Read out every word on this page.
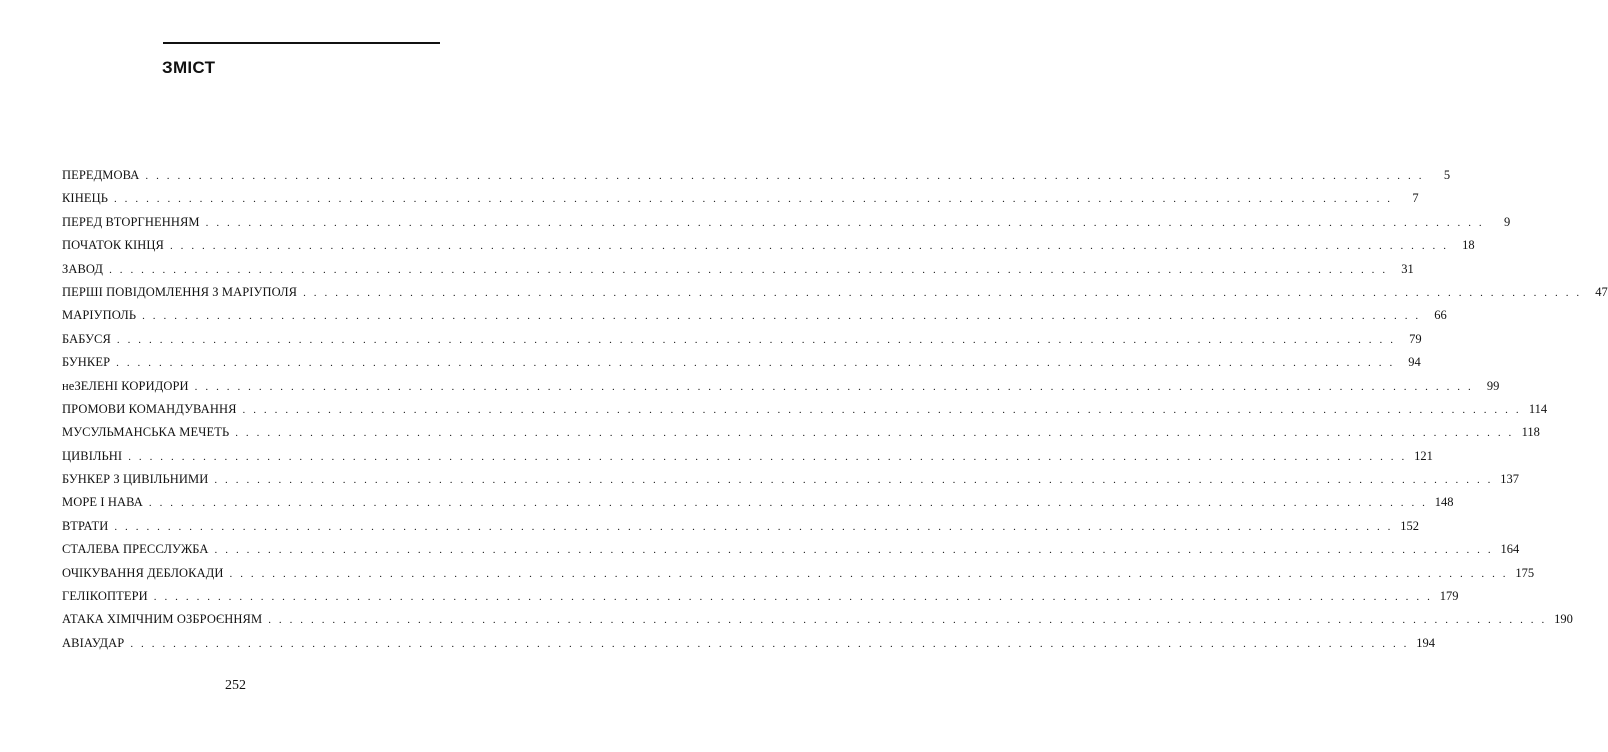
ЗМІСТ
ПЕРЕДМОВА . . . . . . . . . . . . . . . . . . . . . . . . . . . . . . . . . . . . . . . . . . . . . . . . . . . . . . . . . . . . . . . . . . . . . . . . . . . . . . . . . . . . . . . . . . . . . . . . . . . . . . . . . . . . . . . . . . . . . . . .	5
КІНЕЦЬ . . . . . . . . . . . . . . . . . . . . . . . . . . . . . . . . . . . . . . . . . . . . . . . . . . . . . . . . . . . . . . . . . . . . . . . . . . . . . . . . . . . . . . . . . . . . . . . . . . . . . . . . . . . . . . . . . . . . . . . .	7
ПЕРЕД ВТОРГНЕННЯМ . . . . . . . . . . . . . . . . . . . . . . . . . . . . . . . . . . . . . . . . . . . . . . . . . . . . . . . . . . . . . . . . . . . . . . . . . . . . . . . . . . . . . . . . . . . . . . . . . . . . . . . . . . . . . . . . . . . . . . . .	9
ПОЧАТОК КІНЦЯ . . . . . . . . . . . . . . . . . . . . . . . . . . . . . . . . . . . . . . . . . . . . . . . . . . . . . . . . . . . . . . . . . . . . . . . . . . . . . . . . . . . . . . . . . . . . . . . . . . . . . . . . . . . . . . . . . . . . . . . .	18
ЗАВОД . . . . . . . . . . . . . . . . . . . . . . . . . . . . . . . . . . . . . . . . . . . . . . . . . . . . . . . . . . . . . . . . . . . . . . . . . . . . . . . . . . . . . . . . . . . . . . . . . . . . . . . . . . . . . . . . . . . . . . . .	31
ПЕРШІ ПОВІДОМЛЕННЯ З МАРІУПОЛЯ . . . . . . . . . . . . . . . . . . . . . . . . . . . . . . . . . . . . . . . . . . . . . . . . . . . . . . . . . . . . . . . . . . . . . . . . . . . . . . . . . . . . . . . . . . . . . . . . . . . . . . . . . . . . . . . . . . . . . . . .	47
МАРІУПОЛЬ . . . . . . . . . . . . . . . . . . . . . . . . . . . . . . . . . . . . . . . . . . . . . . . . . . . . . . . . . . . . . . . . . . . . . . . . . . . . . . . . . . . . . . . . . . . . . . . . . . . . . . . . . . . . . . . . . . . . . . . .	66
БАБУСЯ . . . . . . . . . . . . . . . . . . . . . . . . . . . . . . . . . . . . . . . . . . . . . . . . . . . . . . . . . . . . . . . . . . . . . . . . . . . . . . . . . . . . . . . . . . . . . . . . . . . . . . . . . . . . . . . . . . . . . . . .	79
БУНКЕР . . . . . . . . . . . . . . . . . . . . . . . . . . . . . . . . . . . . . . . . . . . . . . . . . . . . . . . . . . . . . . . . . . . . . . . . . . . . . . . . . . . . . . . . . . . . . . . . . . . . . . . . . . . . . . . . . . . . . . . .	94
неЗЕЛЕНІ КОРИДОРИ . . . . . . . . . . . . . . . . . . . . . . . . . . . . . . . . . . . . . . . . . . . . . . . . . . . . . . . . . . . . . . . . . . . . . . . . . . . . . . . . . . . . . . . . . . . . . . . . . . . . . . . . . . . . . . . . . . . . . . . .	99
ПРОМОВИ КОМАНДУВАННЯ . . . . . . . . . . . . . . . . . . . . . . . . . . . . . . . . . . . . . . . . . . . . . . . . . . . . . . . . . . . . . . . . . . . . . . . . . . . . . . . . . . . . . . . . . . . . . . . . . . . . . . . . . . . . . . . . . . . . . . . . 114
МУСУЛЬМАНСЬКА МЕЧЕТЬ . . . . . . . . . . . . . . . . . . . . . . . . . . . . . . . . . . . . . . . . . . . . . . . . . . . . . . . . . . . . . . . . . . . . . . . . . . . . . . . . . . . . . . . . . . . . . . . . . . . . . . . . . . . . . . . . . . . . . . . . 118
ЦИВІЛЬНІ . . . . . . . . . . . . . . . . . . . . . . . . . . . . . . . . . . . . . . . . . . . . . . . . . . . . . . . . . . . . . . . . . . . . . . . . . . . . . . . . . . . . . . . . . . . . . . . . . . . . . . . . . . . . . . . . . . . . . . . . 121
БУНКЕР З ЦИВІЛЬНИМИ . . . . . . . . . . . . . . . . . . . . . . . . . . . . . . . . . . . . . . . . . . . . . . . . . . . . . . . . . . . . . . . . . . . . . . . . . . . . . . . . . . . . . . . . . . . . . . . . . . . . . . . . . . . . . . . . . . . . . . . . 137
МОРЕ І НАВА . . . . . . . . . . . . . . . . . . . . . . . . . . . . . . . . . . . . . . . . . . . . . . . . . . . . . . . . . . . . . . . . . . . . . . . . . . . . . . . . . . . . . . . . . . . . . . . . . . . . . . . . . . . . . . . . . . . . . . . . 148
ВТРАТИ . . . . . . . . . . . . . . . . . . . . . . . . . . . . . . . . . . . . . . . . . . . . . . . . . . . . . . . . . . . . . . . . . . . . . . . . . . . . . . . . . . . . . . . . . . . . . . . . . . . . . . . . . . . . . . . . . . . . . . . . 152
СТАЛЕВА ПРЕССЛУЖБА . . . . . . . . . . . . . . . . . . . . . . . . . . . . . . . . . . . . . . . . . . . . . . . . . . . . . . . . . . . . . . . . . . . . . . . . . . . . . . . . . . . . . . . . . . . . . . . . . . . . . . . . . . . . . . . . . . . . . . . . 164
ОЧІКУВАННЯ ДЕБЛОКАДИ . . . . . . . . . . . . . . . . . . . . . . . . . . . . . . . . . . . . . . . . . . . . . . . . . . . . . . . . . . . . . . . . . . . . . . . . . . . . . . . . . . . . . . . . . . . . . . . . . . . . . . . . . . . . . . . . . . . . . . . . 175
ГЕЛІКОПТЕРИ . . . . . . . . . . . . . . . . . . . . . . . . . . . . . . . . . . . . . . . . . . . . . . . . . . . . . . . . . . . . . . . . . . . . . . . . . . . . . . . . . . . . . . . . . . . . . . . . . . . . . . . . . . . . . . . . . . . . . . . . 179
АТАКА ХІМІЧНИМ ОЗБРОЄННЯМ . . . . . . . . . . . . . . . . . . . . . . . . . . . . . . . . . . . . . . . . . . . . . . . . . . . . . . . . . . . . . . . . . . . . . . . . . . . . . . . . . . . . . . . . . . . . . . . . . . . . . . . . . . . . . . . . . . . . . . . . 190
АВІАУДАР . . . . . . . . . . . . . . . . . . . . . . . . . . . . . . . . . . . . . . . . . . . . . . . . . . . . . . . . . . . . . . . . . . . . . . . . . . . . . . . . . . . . . . . . . . . . . . . . . . . . . . . . . . . . . . . . . . . . . . . . 194
252
